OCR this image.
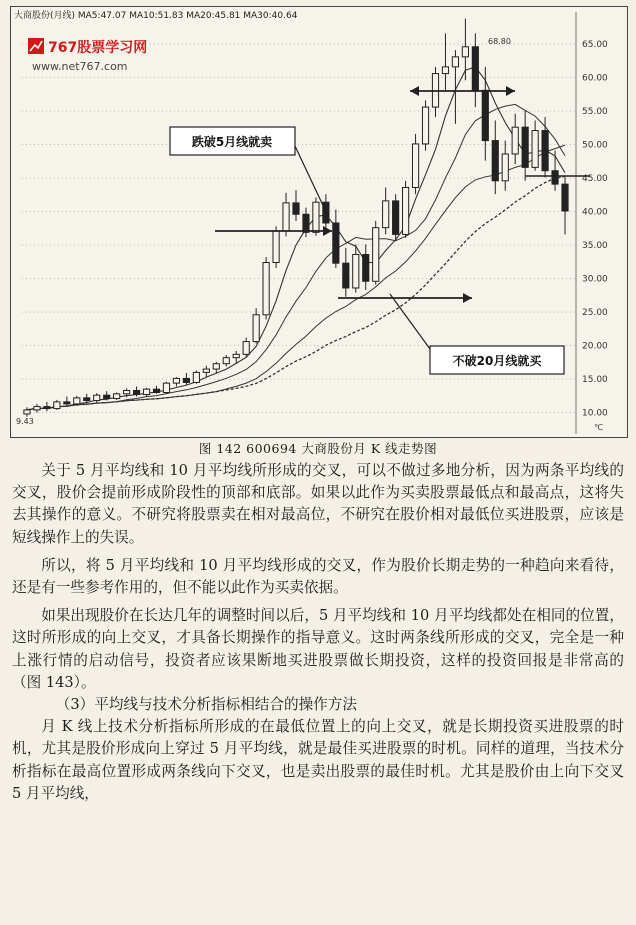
10.00
15.00
20.00
25.00
30.00
35.00
40.00
45.00
50.00
55.00
60.00
65.00
大商股份(月线) MA5:47.07 MA10:51.83 MA20:45.81 MA30:40.64
767股票学习网
www.net767.com
跌破5月线就卖
不破20月线就买
68.80
9.43
℃
图 142 600694 大商股份月 K 线走势图

关于 5 月平均线和 10 月平均线所形成的交叉，可以不做过多地分析，因为两条平均线的交叉，股价会提前形成阶段性的顶部和底部。如果以此作为买卖股票最低点和最高点，这将失去其操作的意义。不研究将股票卖在相对最高位，不研究在股价相对最低位买进股票，应该是短线操作上的失误。

所以，将 5 月平均线和 10 月平均线形成的交叉，作为股价长期走势的一种趋向来看待，还是有一些参考作用的，但不能以此作为买卖依据。

如果出现股价在长达几年的调整时间以后，5 月平均线和 10 月平均线都处在相同的位置，这时所形成的向上交叉，才具备长期操作的指导意义。这时两条线所形成的交叉，完全是一种上涨行情的启动信号，投资者应该果断地买进股票做长期投资，这样的投资回报是非常高的（图 143）。

（3）平均线与技术分析指标相结合的操作方法

月 K 线上技术分析指标所形成的在最低位置上的向上交叉，就是长期投资买进股票的时机，尤其是股价形成向上穿过 5 月平均线，就是最佳买进股票的时机。同样的道理，当技术分析指标在最高位置形成两条线向下交叉，也是卖出股票的最佳时机。尤其是股价由上向下交叉 5 月平均线，
